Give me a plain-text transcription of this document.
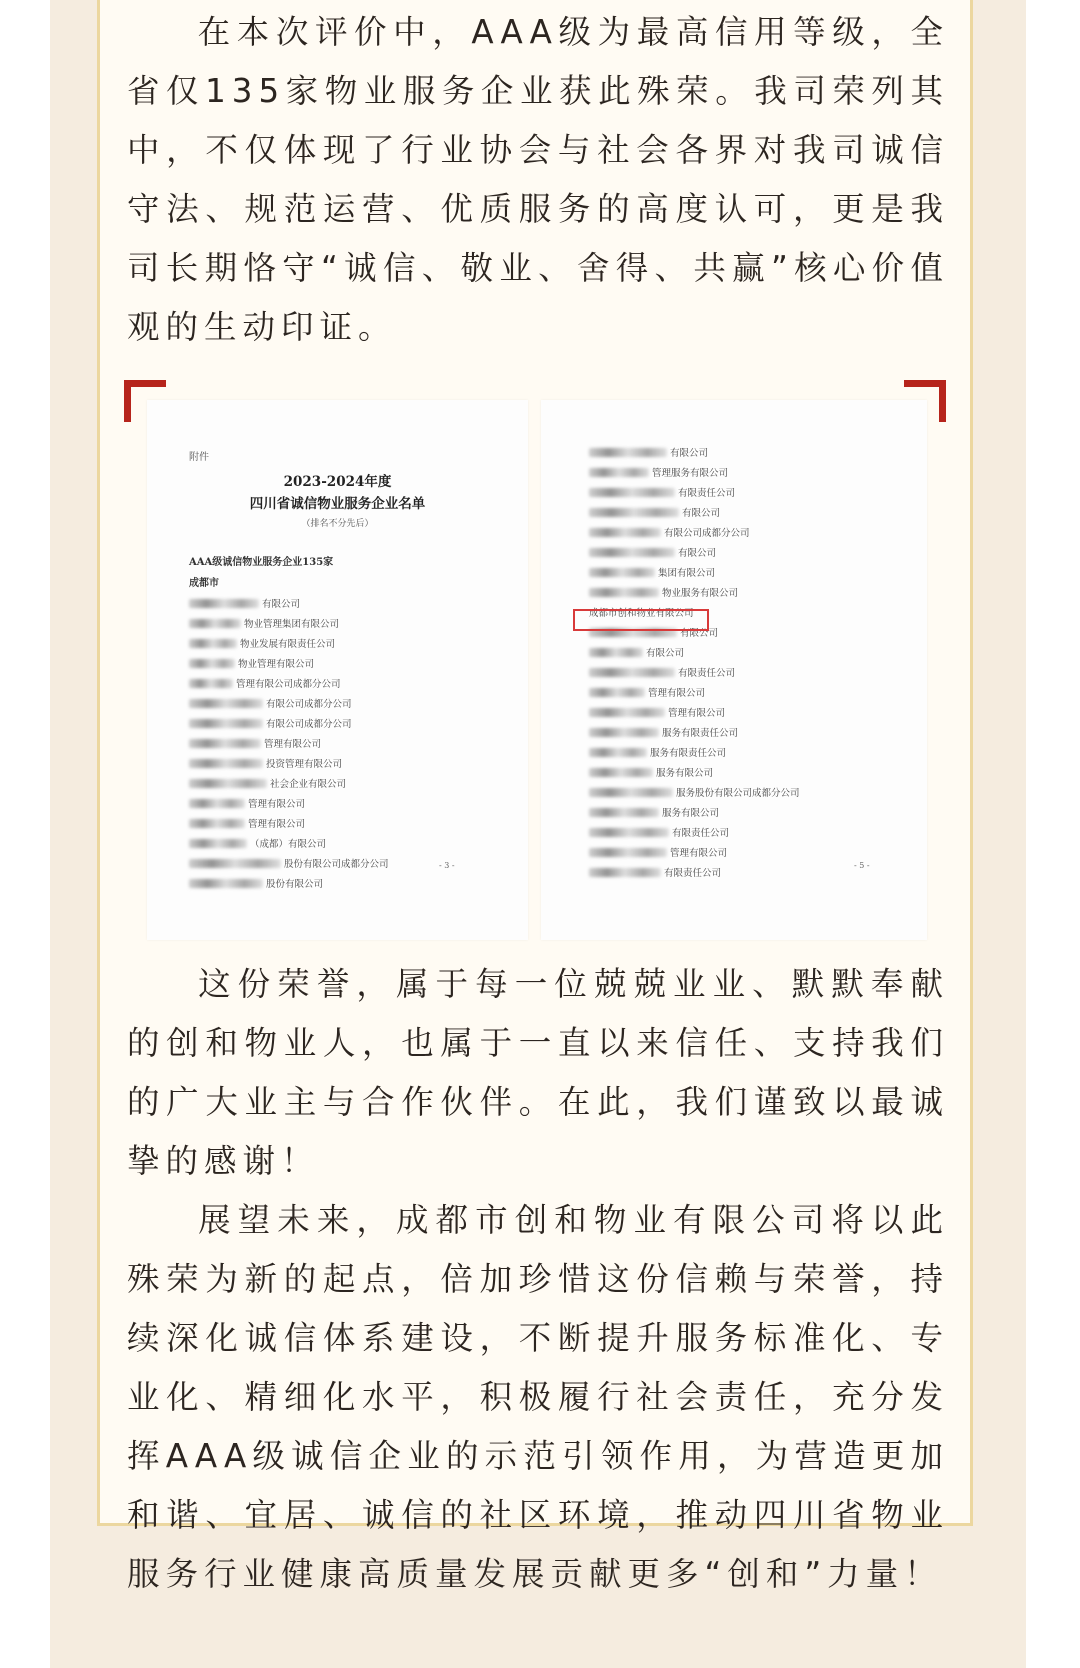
在本次评价中，AAA级为最高信用等级，全省仅135家物业服务企业获此殊荣。我司荣列其中，不仅体现了行业协会与社会各界对我司诚信守法、规范运营、优质服务的高度认可，更是我司长期恪守“诚信、敬业、舍得、共赢”核心价值观的生动印证。

附件
2023-2024年度
四川省诚信物业服务企业名单
（排名不分先后）
AAA级诚信物业服务企业135家
成都市
有限公司
物业管理集团有限公司
物业发展有限责任公司
物业管理有限公司
管理有限公司成都分公司
有限公司成都分公司
有限公司成都分公司
管理有限公司
投资管理有限公司
社会企业有限公司
管理有限公司
管理有限公司
（成都）有限公司
股份有限公司成都分公司
股份有限公司
- 3 -
有限公司
管理服务有限公司
有限责任公司
有限公司
有限公司成都分公司
有限公司
集团有限公司
物业服务有限公司
成都市创和物业有限公司
有限公司
有限公司
有限责任公司
管理有限公司
管理有限公司
服务有限责任公司
服务有限责任公司
服务有限公司
服务股份有限公司成都分公司
服务有限公司
有限责任公司
管理有限公司
有限责任公司
- 5 -

这份荣誉，属于每一位兢兢业业、默默奉献的创和物业人，也属于一直以来信任、支持我们的广大业主与合作伙伴。在此，我们谨致以最诚挚的感谢！

展望未来，成都市创和物业有限公司将以此殊荣为新的起点，倍加珍惜这份信赖与荣誉，持续深化诚信体系建设，不断提升服务标准化、专业化、精细化水平，积极履行社会责任，充分发挥AAA级诚信企业的示范引领作用，为营造更加和谐、宜居、诚信的社区环境，推动四川省物业服务行业健康高质量发展贡献更多“创和”力量！
